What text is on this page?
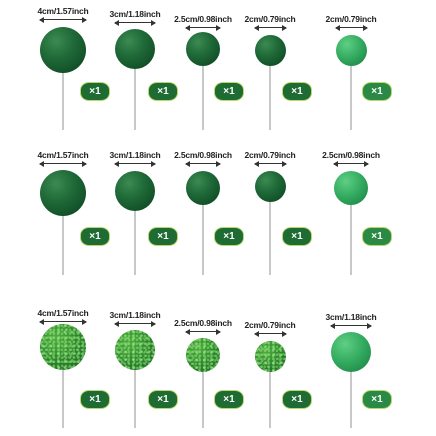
4cm/1.57inch
×1
3cm/1.18inch
×1
2.5cm/0.98inch
×1
2cm/0.79inch
×1
2cm/0.79inch
×1
4cm/1.57inch
×1
3cm/1.18inch
×1
2.5cm/0.98inch
×1
2cm/0.79inch
×1
2.5cm/0.98inch
×1
4cm/1.57inch
×1
3cm/1.18inch
×1
2.5cm/0.98inch
×1
2cm/0.79inch
×1
3cm/1.18inch
×1
